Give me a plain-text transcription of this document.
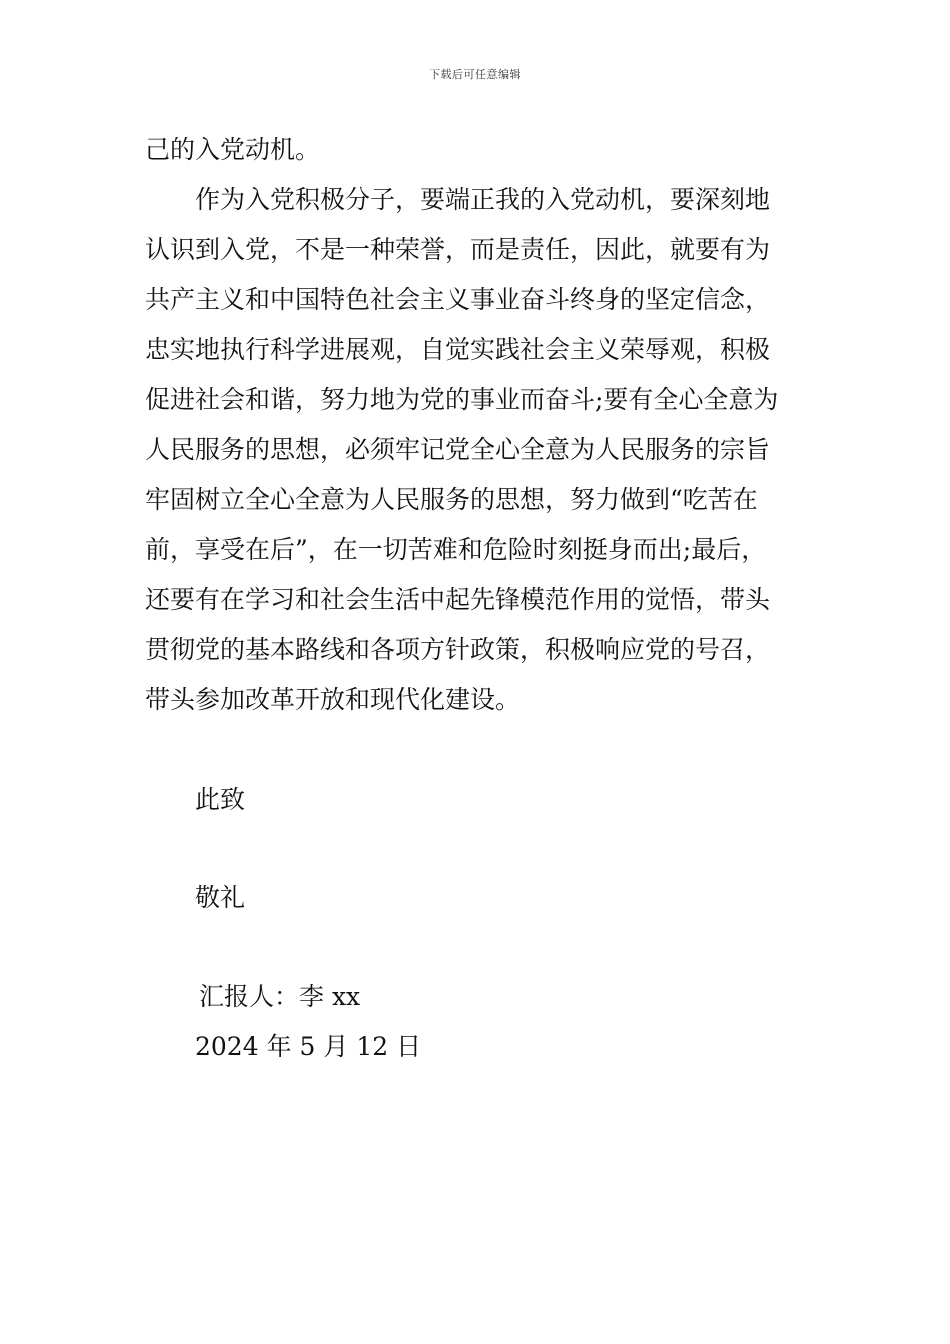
下载后可任意编辑
己的入党动机。
作为入党积极分子，要端正我的入党动机，要深刻地
认识到入党，不是一种荣誉，而是责任，因此，就要有为
共产主义和中国特色社会主义事业奋斗终身的坚定信念，
忠实地执行科学进展观，自觉实践社会主义荣辱观，积极
促进社会和谐，努力地为党的事业而奋斗;要有全心全意为
人民服务的思想，必须牢记党全心全意为人民服务的宗旨
牢固树立全心全意为人民服务的思想，努力做到“吃苦在
前，享受在后”，在一切苦难和危险时刻挺身而出;最后，
还要有在学习和社会生活中起先锋模范作用的觉悟，带头
贯彻党的基本路线和各项方针政策，积极响应党的号召，
带头参加改革开放和现代化建设。
此致
敬礼
汇报人：李 xx
2024 年 5 月 12 日
